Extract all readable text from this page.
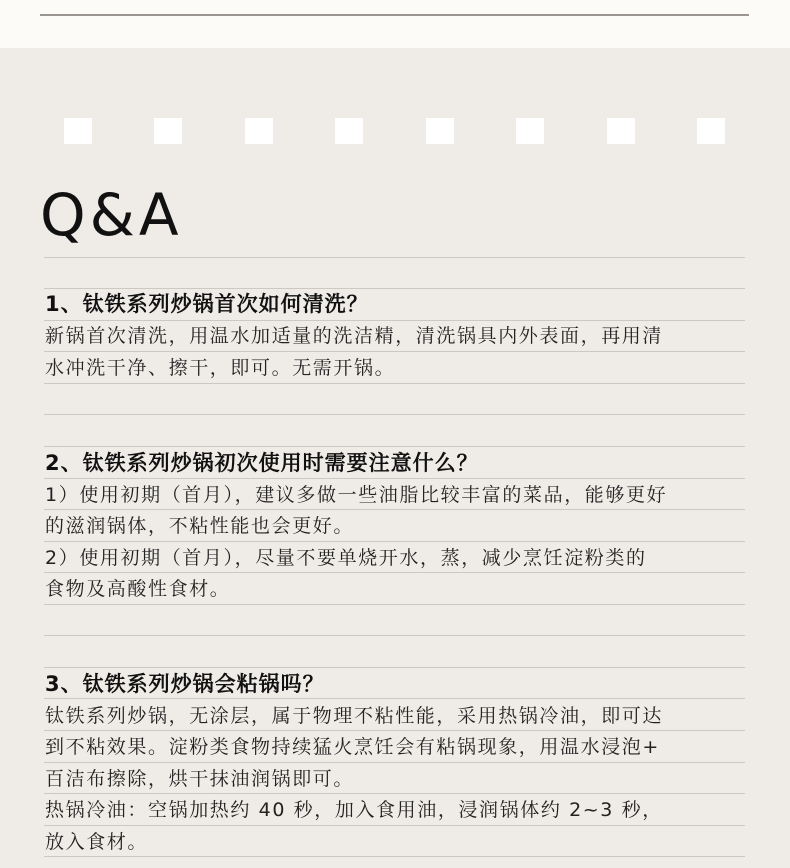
Q&A
1、钛铁系列炒锅首次如何清洗？
新锅首次清洗，用温水加适量的洗洁精，清洗锅具内外表面，再用清
水冲洗干净、擦干，即可。无需开锅。
2、钛铁系列炒锅初次使用时需要注意什么？
1）使用初期（首月），建议多做一些油脂比较丰富的菜品，能够更好
的滋润锅体，不粘性能也会更好。
2）使用初期（首月），尽量不要单烧开水，蒸，减少烹饪淀粉类的
食物及高酸性食材。
3、钛铁系列炒锅会粘锅吗？
钛铁系列炒锅，无涂层，属于物理不粘性能，采用热锅冷油，即可达
到不粘效果。淀粉类食物持续猛火烹饪会有粘锅现象，用温水浸泡+
百洁布擦除，烘干抹油润锅即可。
热锅冷油：空锅加热约 40 秒，加入食用油，浸润锅体约 2~3 秒，
放入食材。
